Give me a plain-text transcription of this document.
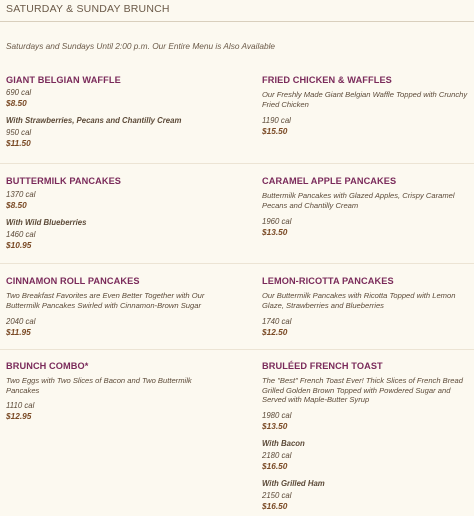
SATURDAY & SUNDAY BRUNCH
Saturdays and Sundays Until 2:00 p.m. Our Entire Menu is Also Available
GIANT BELGIAN WAFFLE
690 cal
$8.50
With Strawberries, Pecans and Chantilly Cream
950 cal
$11.50
FRIED CHICKEN & WAFFLES
Our Freshly Made Giant Belgian Waffle Topped with Crunchy Fried Chicken
1190 cal
$15.50
BUTTERMILK PANCAKES
1370 cal
$8.50
With Wild Blueberries
1460 cal
$10.95
CARAMEL APPLE PANCAKES
Buttermilk Pancakes with Glazed Apples, Crispy Caramel Pecans and Chantilly Cream
1960 cal
$13.50
CINNAMON ROLL PANCAKES
Two Breakfast Favorites are Even Better Together with Our Buttermilk Pancakes Swirled with Cinnamon-Brown Sugar
2040 cal
$11.95
LEMON-RICOTTA PANCAKES
Our Buttermilk Pancakes with Ricotta Topped with Lemon Glaze, Strawberries and Blueberries
1740 cal
$12.50
BRUNCH COMBO*
Two Eggs with Two Slices of Bacon and Two Buttermilk Pancakes
1110 cal
$12.95
BRULÉED FRENCH TOAST
The "Best" French Toast Ever! Thick Slices of French Bread Grilled Golden Brown Topped with Powdered Sugar and Served with Maple-Butter Syrup
1980 cal
$13.50
With Bacon
2180 cal
$16.50
With Grilled Ham
2150 cal
$16.50
